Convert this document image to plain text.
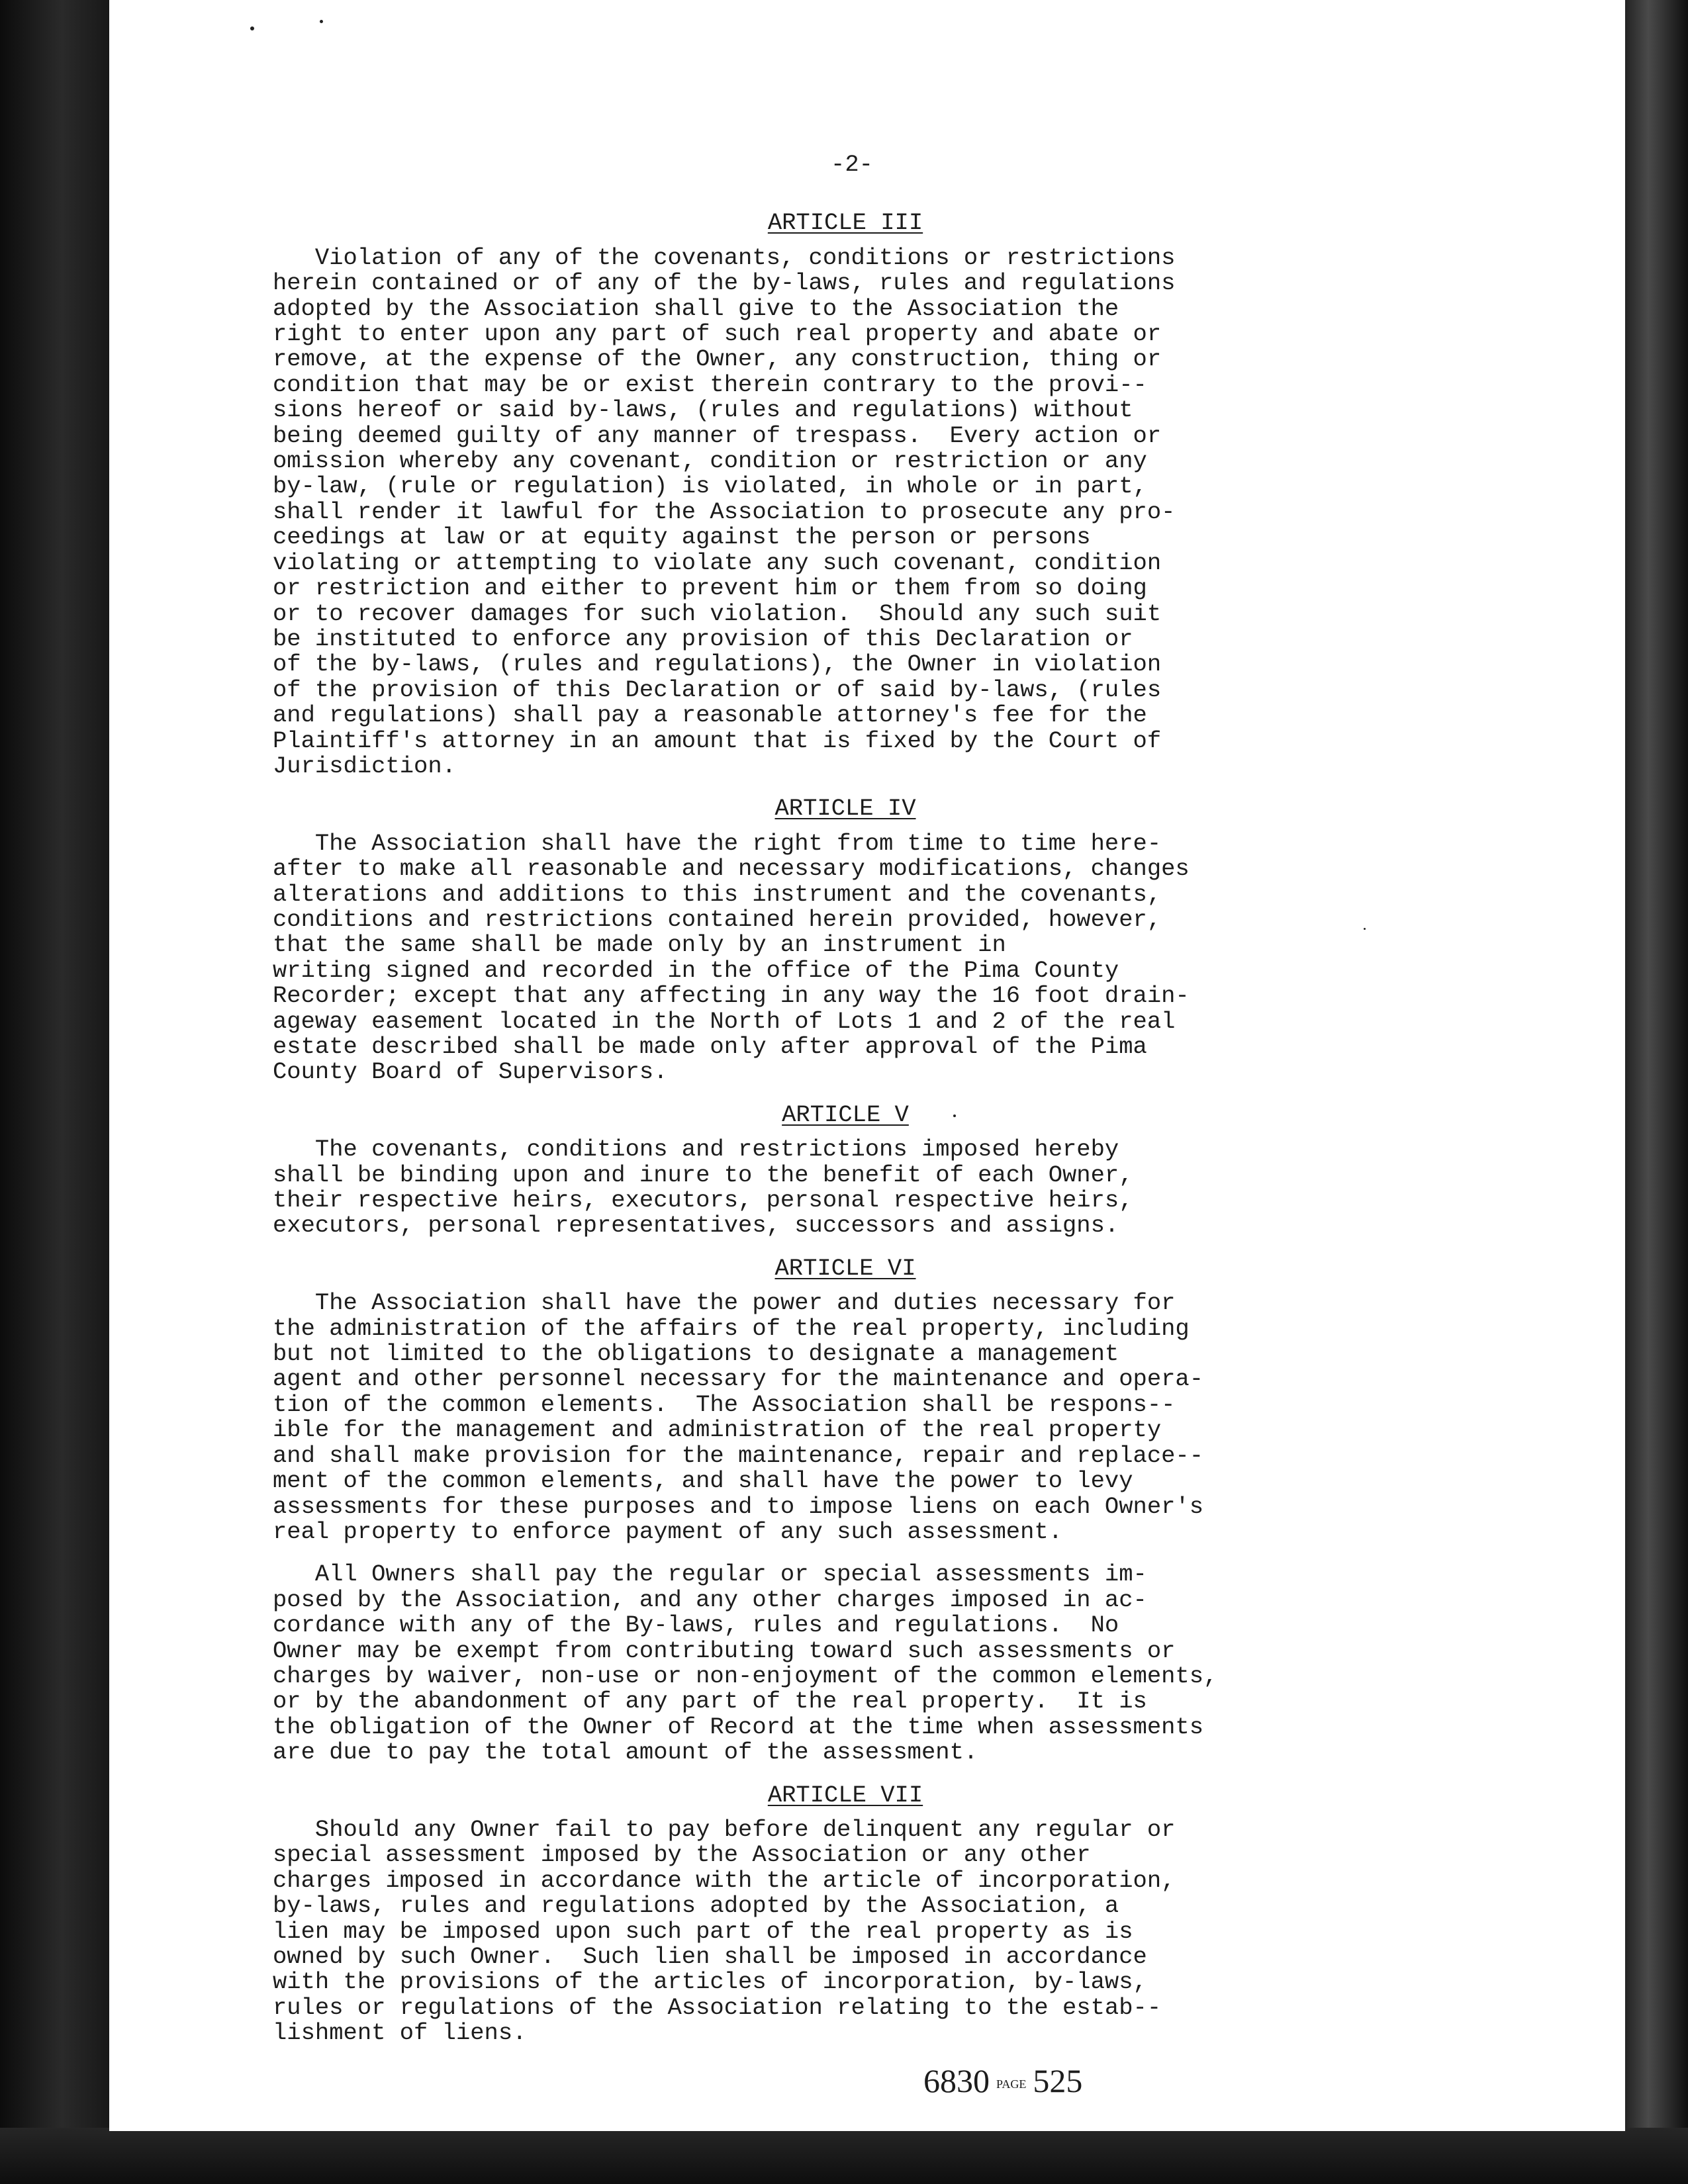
-2-
ARTICLE III
Violation of any of the covenants, conditions or restrictions
herein contained or of any of the by-laws, rules and regulations
adopted by the Association shall give to the Association the
right to enter upon any part of such real property and abate or
remove, at the expense of the Owner, any construction, thing or
condition that may be or exist therein contrary to the provi--
sions hereof or said by-laws, (rules and regulations) without
being deemed guilty of any manner of trespass.  Every action or
omission whereby any covenant, condition or restriction or any
by-law, (rule or regulation) is violated, in whole or in part,
shall render it lawful for the Association to prosecute any pro-
ceedings at law or at equity against the person or persons
violating or attempting to violate any such covenant, condition
or restriction and either to prevent him or them from so doing
or to recover damages for such violation.  Should any such suit
be instituted to enforce any provision of this Declaration or
of the by-laws, (rules and regulations), the Owner in violation
of the provision of this Declaration or of said by-laws, (rules
and regulations) shall pay a reasonable attorney's fee for the
Plaintiff's attorney in an amount that is fixed by the Court of
Jurisdiction.
ARTICLE IV
The Association shall have the right from time to time here-
after to make all reasonable and necessary modifications, changes
alterations and additions to this instrument and the covenants,
conditions and restrictions contained herein provided, however,
that the same shall be made only by an instrument in
writing signed and recorded in the office of the Pima County
Recorder; except that any affecting in any way the 16 foot drain-
ageway easement located in the North of Lots 1 and 2 of the real
estate described shall be made only after approval of the Pima
County Board of Supervisors.
ARTICLE V
The covenants, conditions and restrictions imposed hereby
shall be binding upon and inure to the benefit of each Owner,
their respective heirs, executors, personal respective heirs,
executors, personal representatives, successors and assigns.
ARTICLE VI
The Association shall have the power and duties necessary for
the administration of the affairs of the real property, including
but not limited to the obligations to designate a management
agent and other personnel necessary for the maintenance and opera-
tion of the common elements.  The Association shall be respons--
ible for the management and administration of the real property
and shall make provision for the maintenance, repair and replace--
ment of the common elements, and shall have the power to levy
assessments for these purposes and to impose liens on each Owner's
real property to enforce payment of any such assessment.
All Owners shall pay the regular or special assessments im-
posed by the Association, and any other charges imposed in ac-
cordance with any of the By-laws, rules and regulations.  No
Owner may be exempt from contributing toward such assessments or
charges by waiver, non-use or non-enjoyment of the common elements,
or by the abandonment of any part of the real property.  It is
the obligation of the Owner of Record at the time when assessments
are due to pay the total amount of the assessment.
ARTICLE VII
Should any Owner fail to pay before delinquent any regular or
special assessment imposed by the Association or any other
charges imposed in accordance with the article of incorporation,
by-laws, rules and regulations adopted by the Association, a
lien may be imposed upon such part of the real property as is
owned by such Owner.  Such lien shall be imposed in accordance
with the provisions of the articles of incorporation, by-laws,
rules or regulations of the Association relating to the estab--
lishment of liens.
6830 PAGE 525
